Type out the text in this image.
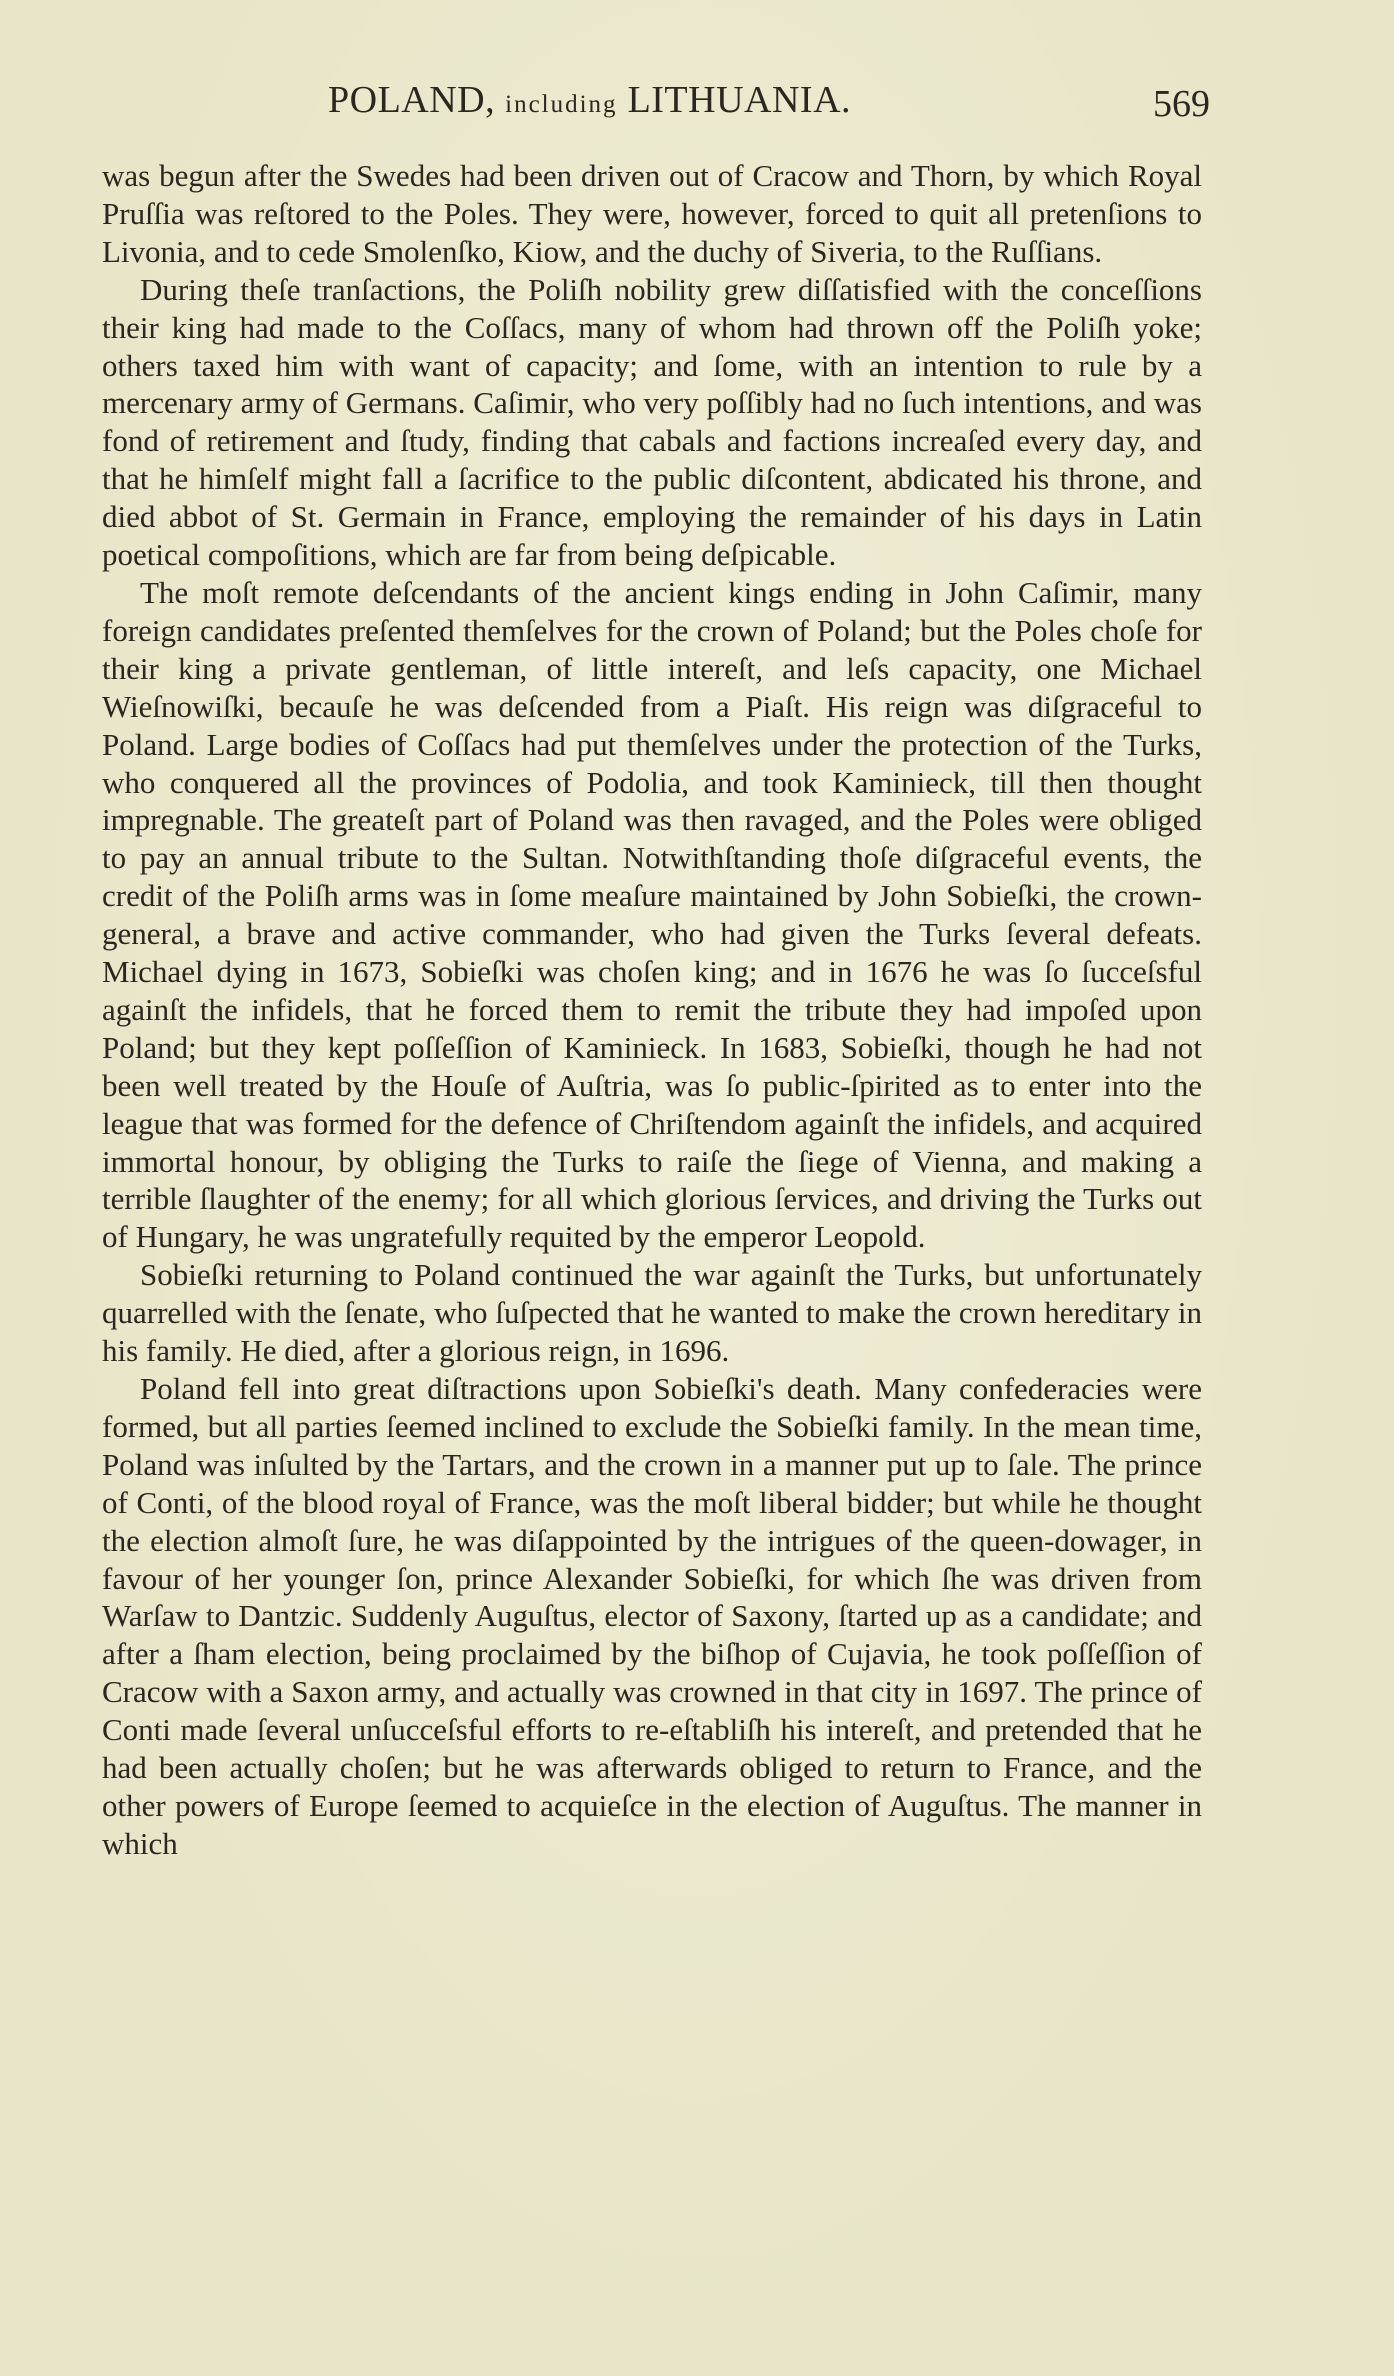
POLAND, including LITHUANIA.	569

was begun after the Swedes had been driven out of Cracow and Thorn, by which Royal Pruſſia was reſtored to the Poles. They were, however, forced to quit all pretenſions to Livonia, and to cede Smolenſko, Kiow, and the duchy of Siveria, to the Ruſſians.

During theſe tranſactions, the Poliſh nobility grew diſſatisfied with the conceſſions their king had made to the Coſſacs, many of whom had thrown off the Poliſh yoke; others taxed him with want of capacity; and ſome, with an intention to rule by a mercenary army of Germans. Caſimir, who very poſſibly had no ſuch intentions, and was fond of retirement and ſtudy, finding that cabals and factions increaſed every day, and that he himſelf might fall a ſacrifice to the public diſcontent, abdicated his throne, and died abbot of St. Germain in France, employing the remainder of his days in Latin poetical compoſitions, which are far from being deſpicable.

The moſt remote deſcendants of the ancient kings ending in John Caſimir, many foreign candidates preſented themſelves for the crown of Poland; but the Poles choſe for their king a private gentleman, of little intereſt, and leſs capacity, one Michael Wieſnowiſki, becauſe he was deſcended from a Piaſt. His reign was diſgraceful to Poland. Large bodies of Coſſacs had put themſelves under the protection of the Turks, who conquered all the provinces of Podolia, and took Kaminieck, till then thought impregnable. The greateſt part of Poland was then ravaged, and the Poles were obliged to pay an annual tribute to the Sultan. Notwithſtanding thoſe diſgraceful events, the credit of the Poliſh arms was in ſome meaſure maintained by John Sobieſki, the crown-general, a brave and active commander, who had given the Turks ſeveral defeats. Michael dying in 1673, Sobieſki was choſen king; and in 1676 he was ſo ſucceſsful againſt the infidels, that he forced them to remit the tribute they had impoſed upon Poland; but they kept poſſeſſion of Kaminieck. In 1683, Sobieſki, though he had not been well treated by the Houſe of Auſtria, was ſo public-ſpirited as to enter into the league that was formed for the defence of Chriſtendom againſt the infidels, and acquired immortal honour, by obliging the Turks to raiſe the ſiege of Vienna, and making a terrible ſlaughter of the enemy; for all which glorious ſervices, and driving the Turks out of Hungary, he was ungratefully requited by the emperor Leopold.

Sobieſki returning to Poland continued the war againſt the Turks, but unfortunately quarrelled with the ſenate, who ſuſpected that he wanted to make the crown hereditary in his family. He died, after a glorious reign, in 1696.

Poland fell into great diſtractions upon Sobieſki's death. Many confederacies were formed, but all parties ſeemed inclined to exclude the Sobieſki family. In the mean time, Poland was inſulted by the Tartars, and the crown in a manner put up to ſale. The prince of Conti, of the blood royal of France, was the moſt liberal bidder; but while he thought the election almoſt ſure, he was diſappointed by the intrigues of the queen-dowager, in favour of her younger ſon, prince Alexander Sobieſki, for which ſhe was driven from Warſaw to Dantzic. Suddenly Auguſtus, elector of Saxony, ſtarted up as a candidate; and after a ſham election, being proclaimed by the biſhop of Cujavia, he took poſſeſſion of Cracow with a Saxon army, and actually was crowned in that city in 1697. The prince of Conti made ſeveral unſucceſsful efforts to re-eſtabliſh his intereſt, and pretended that he had been actually choſen; but he was afterwards obliged to return to France, and the other powers of Europe ſeemed to acquieſce in the election of Auguſtus. The manner in which
